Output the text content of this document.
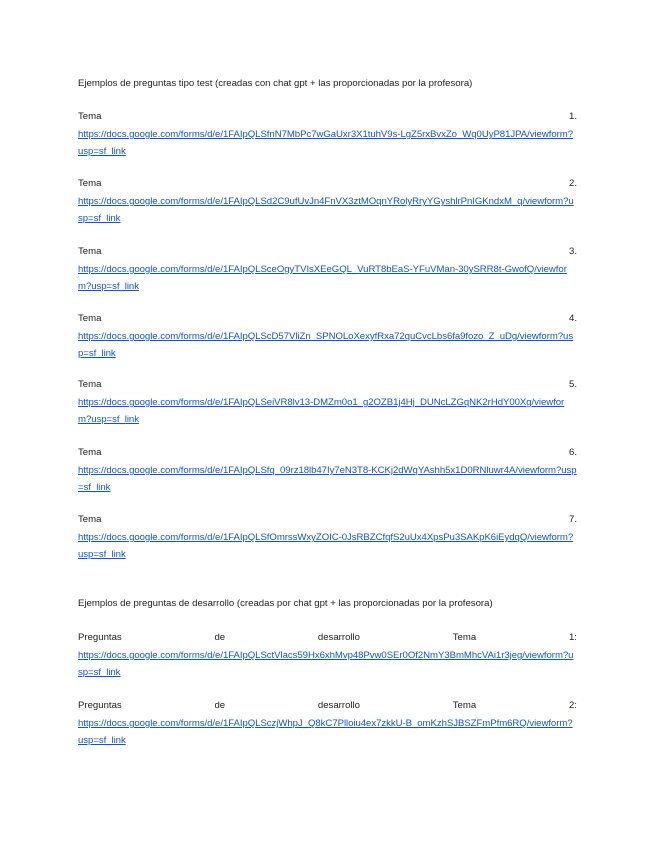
Ejemplos de preguntas tipo test (creadas con chat gpt + las proporcionadas por la profesora)
Tema	1.
https://docs.google.com/forms/d/e/1FAIpQLSfnN7MbPc7wGaUxr3X1tuhV9s-LgZ5rxBvxZo_Wq0UyP81JPA/viewform?usp=sf_link
Tema	2.
https://docs.google.com/forms/d/e/1FAIpQLSd2C9ufUvJn4FnVX3ztMOqnYRolyRryYGyshlrPnIGKndxM_q/viewform?usp=sf_link
Tema	3.
https://docs.google.com/forms/d/e/1FAIpQLSceOgyTVIsXEeGQL_VuRT8bEaS-YFuVMan-30ySRR8t-GwofQ/viewform?usp=sf_link
Tema	4.
https://docs.google.com/forms/d/e/1FAIpQLScD57VliZn_SPNOLoXexyfRxa72quCvcLbs6fa9fozo_Z_uDg/viewform?usp=sf_link
Tema	5.
https://docs.google.com/forms/d/e/1FAIpQLSeiVR8lv13-DMZm0o1_g2OZB1j4Hj_DUNcLZGqNK2rHdY00Xg/viewform?usp=sf_link
Tema	6.
https://docs.google.com/forms/d/e/1FAIpQLSfq_09rz18lb47Iy7eN3T8-KCKj2dWqYAshh5x1D0RNluwr4A/viewform?usp=sf_link
Tema	7.
https://docs.google.com/forms/d/e/1FAIpQLSfOmrssWxyZOIC-0JsRBZCfqfS2uUx4XpsPu3SAKpK6iEydqQ/viewform?usp=sf_link
Ejemplos de preguntas de desarrollo (creadas por chat gpt + las proporcionadas por la profesora)
Preguntas	de	desarrollo	Tema	1:
https://docs.google.com/forms/d/e/1FAIpQLSctVlacs59Hx6xhMvp48Pvw0SEr0Of2NmY3BmMhcVAi1r3jeg/viewform?usp=sf_link
Preguntas	de	desarrollo	Tema	2:
https://docs.google.com/forms/d/e/1FAIpQLSczjWhpJ_Q8kC7Plloiu4ex7zkkU-B_omKzhSJBSZFmPfm6RQ/viewform?usp=sf_link
